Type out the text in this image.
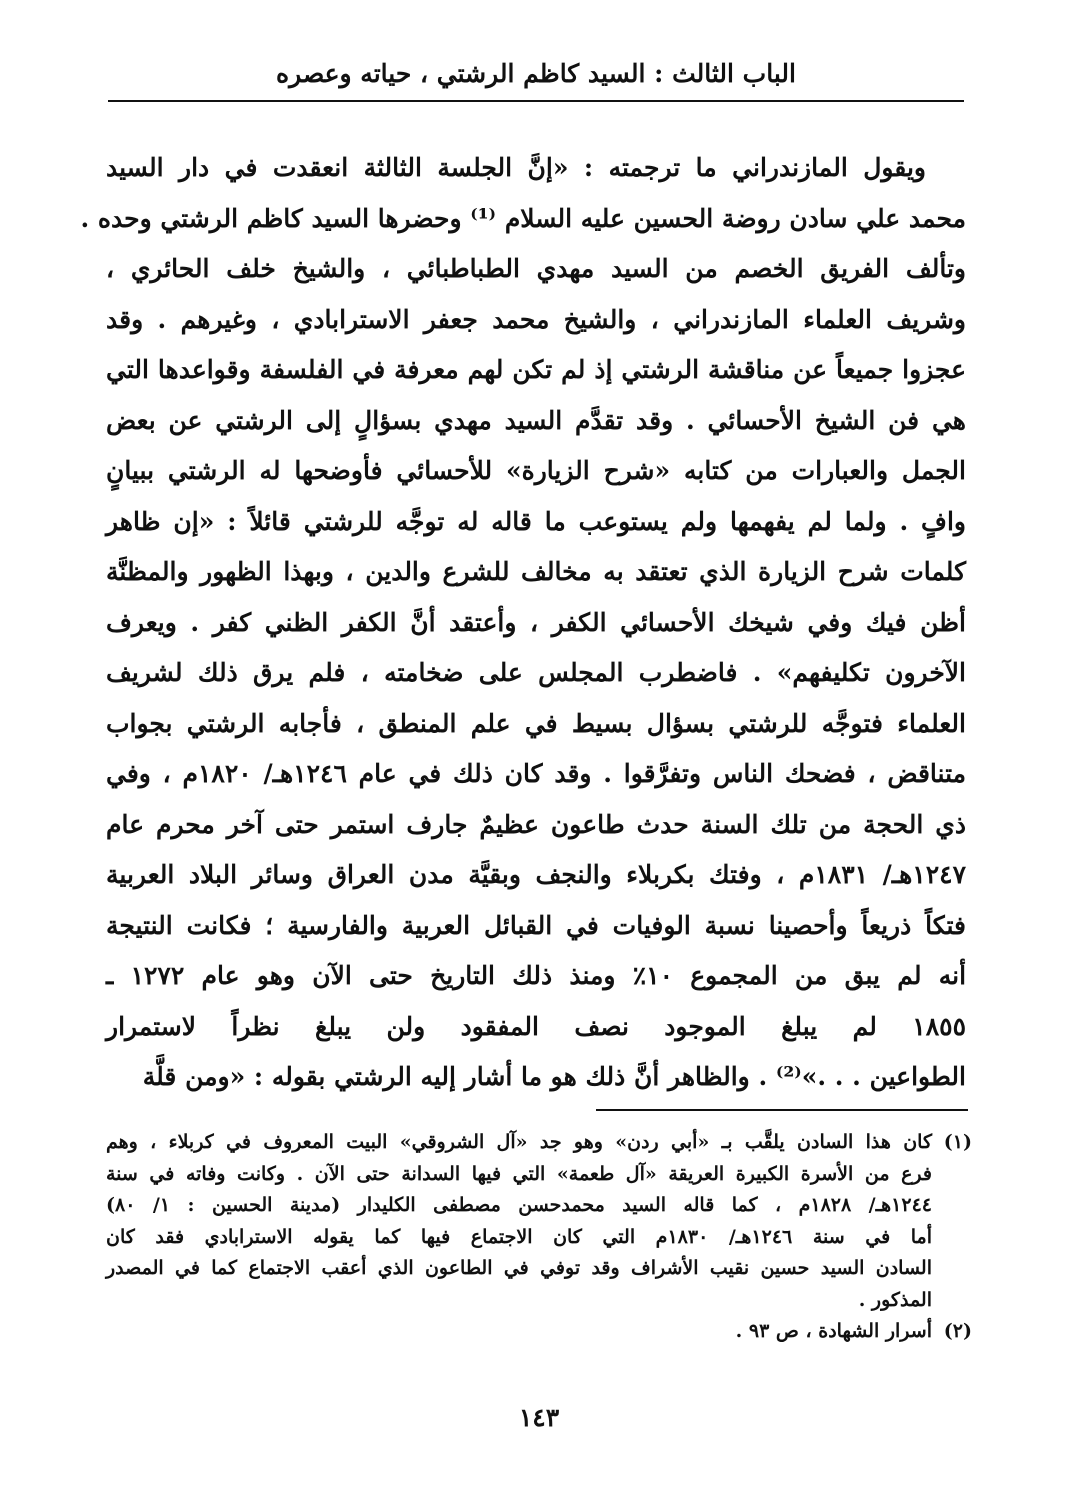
الباب الثالث : السيد كاظم الرشتي ، حياته وعصره
ويقول المازندراني ما ترجمته : «إنَّ الجلسة الثالثة انعقدت في دار السيد
محمد علي سادن روضة الحسين عليه السلام ⁽¹⁾ وحضرها السيد كاظم الرشتي وحده .
وتألف الفريق الخصم من السيد مهدي الطباطبائي ، والشيخ خلف الحائري ،
وشريف العلماء المازندراني ، والشيخ محمد جعفر الاسترابادي ، وغيرهم . وقد
عجزوا جميعاً عن مناقشة الرشتي إذ لم تكن لهم معرفة في الفلسفة وقواعدها التي
هي فن الشيخ الأحسائي . وقد تقدَّم السيد مهدي بسؤالٍ إلى الرشتي عن بعض
الجمل والعبارات من كتابه «شرح الزيارة» للأحسائي فأوضحها له الرشتي ببيانٍ
وافٍ . ولما لم يفهمها ولم يستوعب ما قاله له توجَّه للرشتي قائلاً : «إن ظاهر
كلمات شرح الزيارة الذي تعتقد به مخالف للشرع والدين ، وبهذا الظهور والمظنَّة
أظن فيك وفي شيخك الأحسائي الكفر ، وأعتقد أنَّ الكفر الظني كفر . ويعرف
الآخرون تكليفهم» . فاضطرب المجلس على ضخامته ، فلم يرق ذلك لشريف
العلماء فتوجَّه للرشتي بسؤال بسيط في علم المنطق ، فأجابه الرشتي بجواب
متناقض ، فضحك الناس وتفرَّقوا . وقد كان ذلك في عام ١٢٤٦هـ/ ١٨٢٠م ، وفي
ذي الحجة من تلك السنة حدث طاعون عظيمٌ جارف استمر حتى آخر محرم عام
١٢٤٧هـ/ ١٨٣١م ، وفتك بكربلاء والنجف وبقيَّة مدن العراق وسائر البلاد العربية
فتكاً ذريعاً وأحصينا نسبة الوفيات في القبائل العربية والفارسية ؛ فكانت النتيجة
أنه لم يبق من المجموع ١٠٪ ومنذ ذلك التاريخ حتى الآن وهو عام ١٢٧٢ ـ
١٨٥٥ لم يبلغ الموجود نصف المفقود ولن يبلغ نظراً لاستمرار
الطواعين . . .»⁽²⁾ . والظاهر أنَّ ذلك هو ما أشار إليه الرشتي بقوله : «ومن قلَّة
(١)كان هذا السادن يلقَّب بـ «أبي ردن» وهو جد «آل الشروقي» البيت المعروف في كربلاء ، وهم
فرع من الأسرة الكبيرة العريقة «آل طعمة» التي فيها السدانة حتى الآن . وكانت وفاته في سنة
١٢٤٤هـ/ ١٨٢٨م ، كما قاله السيد محمدحسن مصطفى الكليدار (مدينة الحسين : ١/ ٨٠)
أما في سنة ١٢٤٦هـ/ ١٨٣٠م التي كان الاجتماع فيها كما يقوله الاسترابادي فقد كان
السادن السيد حسين نقيب الأشراف وقد توفي في الطاعون الذي أعقب الاجتماع كما في المصدر
المذكور .
(٢)أسرار الشهادة ، ص ٩٣ .
١٤٣
